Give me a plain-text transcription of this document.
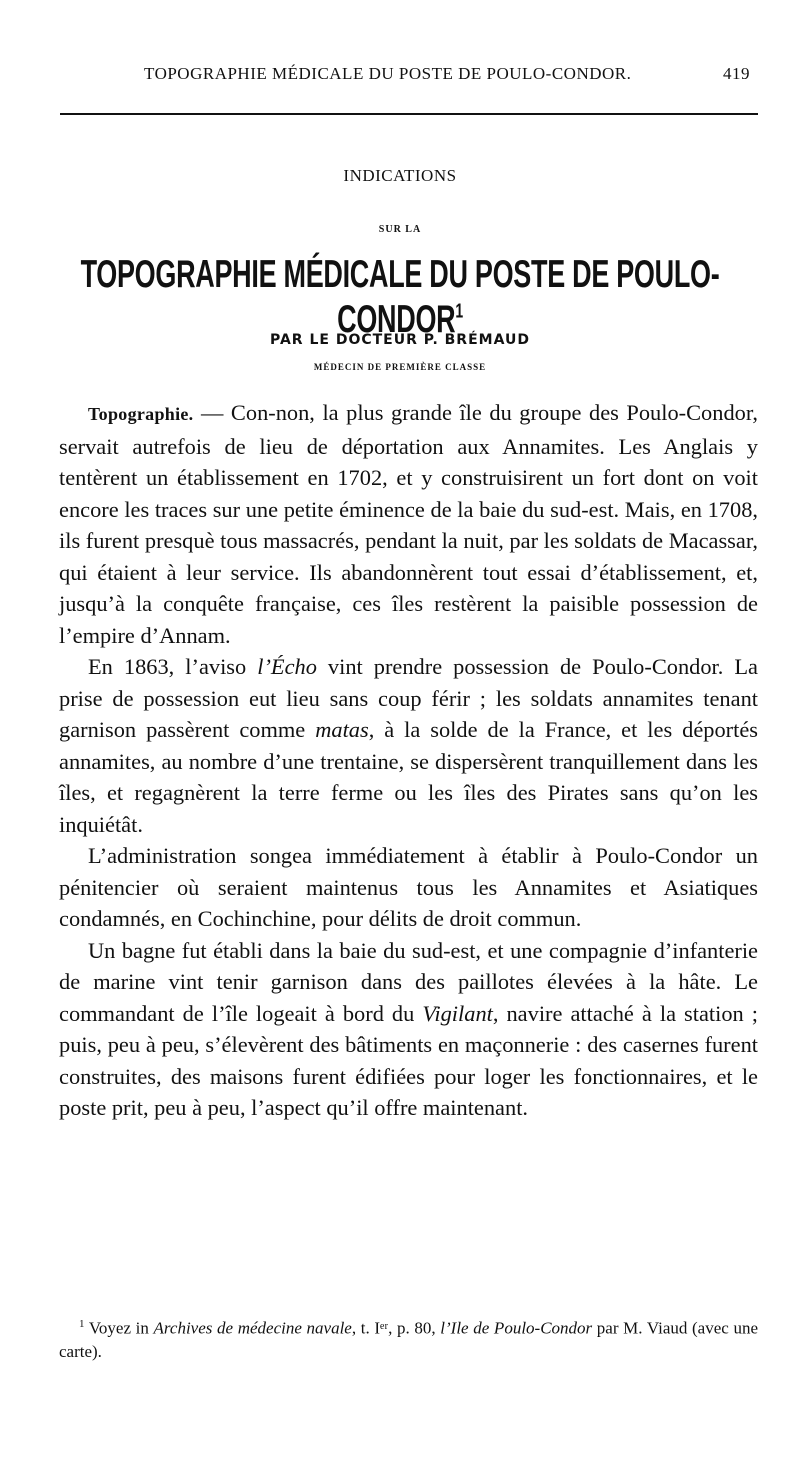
TOPOGRAPHIE MÉDICALE DU POSTE DE POULO-CONDOR.	419
INDICATIONS
SUR LA
TOPOGRAPHIE MÉDICALE DU POSTE DE POULO-CONDOR$^1$
PAR LE DOCTEUR P. BRÉMAUD
MÉDECIN DE PREMIÈRE CLASSE

Topographie. — Con-non, la plus grande île du groupe des Poulo-Condor, servait autrefois de lieu de déportation aux Annamites. Les Anglais y tentèrent un établissement en 1702, et y construisirent un fort dont on voit encore les traces sur une petite éminence de la baie du sud-est. Mais, en 1708, ils furent presquè tous massacrés, pendant la nuit, par les soldats de Macassar, qui étaient à leur service. Ils abandonnèrent tout essai d’établissement, et, jusqu’à la conquête française, ces îles restèrent la paisible possession de l’empire d’Annam.

En 1863, l’aviso l’Écho vint prendre possession de Poulo-Condor. La prise de possession eut lieu sans coup férir ; les soldats annamites tenant garnison passèrent comme matas, à la solde de la France, et les déportés annamites, au nombre d’une trentaine, se dispersèrent tranquillement dans les îles, et regagnèrent la terre ferme ou les îles des Pirates sans qu’on les inquiétât.

L’administration songea immédiatement à établir à Poulo-Condor un pénitencier où seraient maintenus tous les Annamites et Asiatiques condamnés, en Cochinchine, pour délits de droit commun.

Un bagne fut établi dans la baie du sud-est, et une compagnie d’infanterie de marine vint tenir garnison dans des paillotes élevées à la hâte. Le commandant de l’île logeait à bord du Vigilant, navire attaché à la station ; puis, peu à peu, s’élevèrent des bâtiments en maçonnerie : des casernes furent construites, des maisons furent édifiées pour loger les fonctionnaires, et le poste prit, peu à peu, l’aspect qu’il offre maintenant.

$^1$ Voyez in Archives de médecine navale, t. Iᵉʳ, p. 80, l’Ile de Poulo-Condor par M. Viaud (avec une carte).
